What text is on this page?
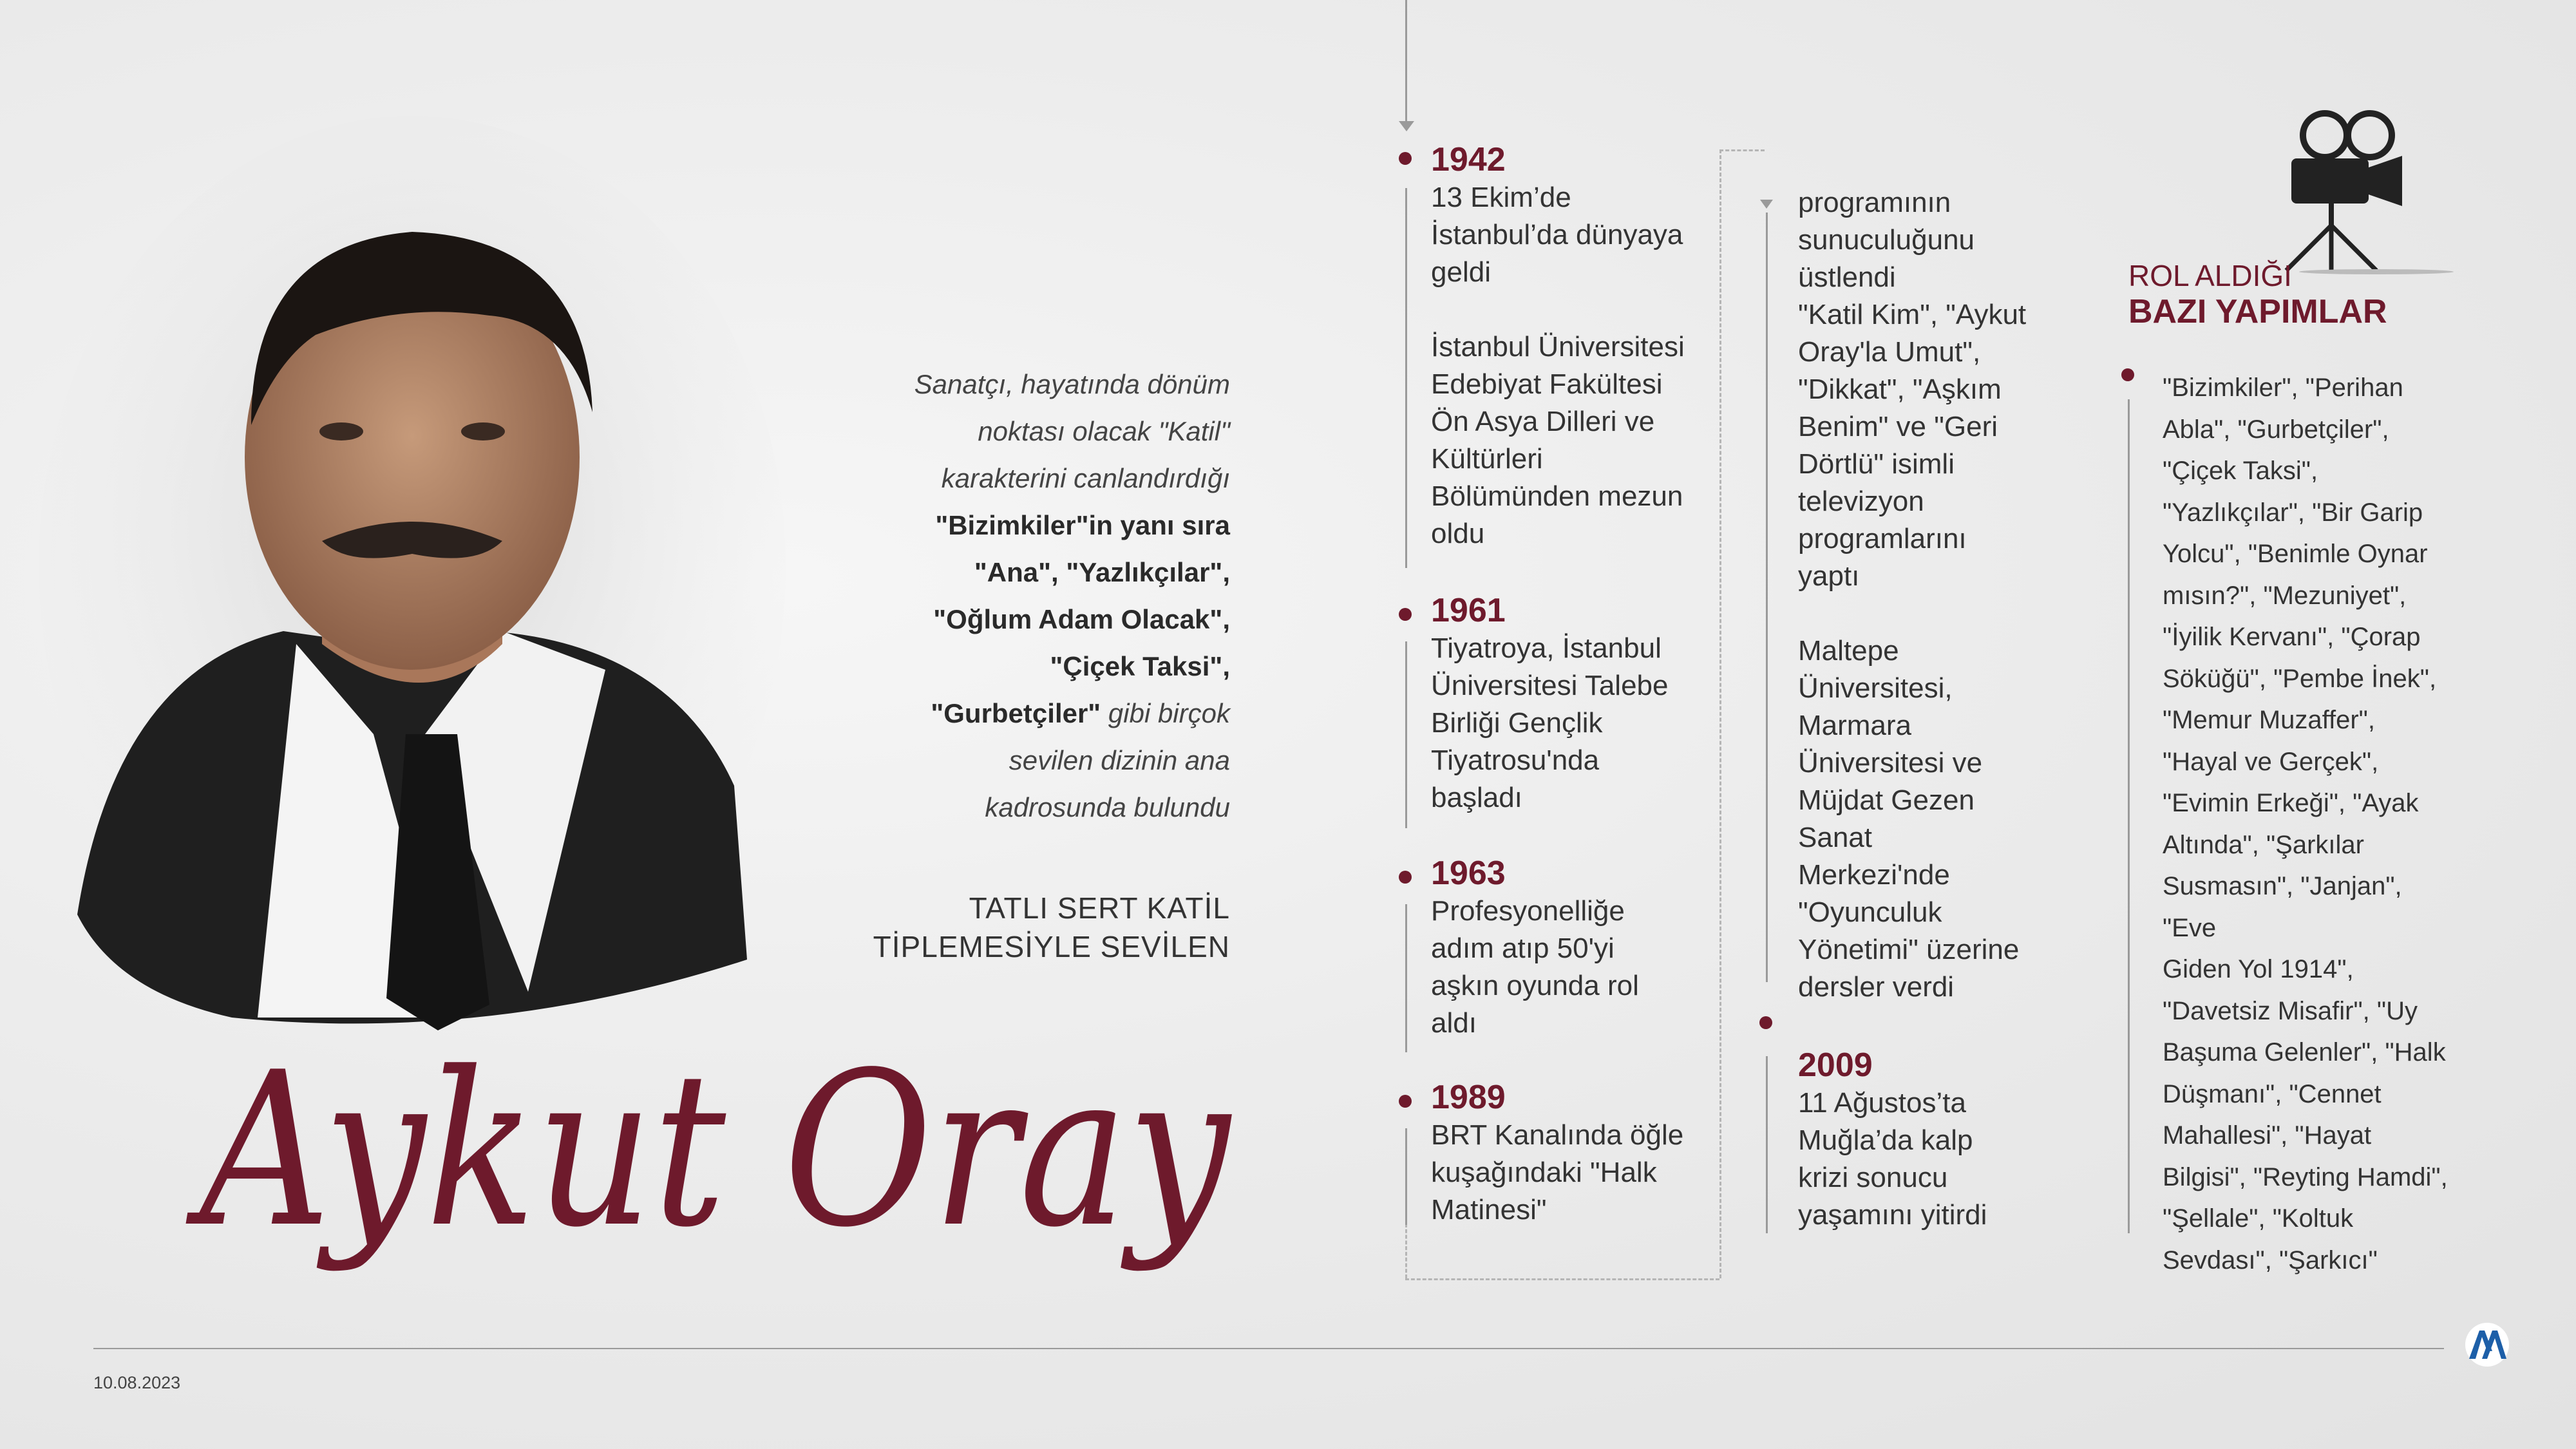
Sanatçı, hayatında dönüm
noktası olacak "Katil"
karakterini canlandırdığı
"Bizimkiler"in yanı sıra
"Ana", "Yazlıkçılar",
"Oğlum Adam Olacak",
"Çiçek Taksi",
"Gurbetçiler" gibi birçok
sevilen dizinin ana
kadrosunda bulundu
TATLI SERT KATİL
TİPLEMESİYLE SEVİLEN
Aykut Oray
1942
13 Ekim’de
İstanbul’da dünyaya
geldi
İstanbul Üniversitesi
Edebiyat Fakültesi
Ön Asya Dilleri ve
Kültürleri
Bölümünden mezun
oldu
1961
Tiyatroya, İstanbul
Üniversitesi Talebe
Birliği Gençlik
Tiyatrosu'nda
başladı
1963
Profesyonelliğe
adım atıp 50'yi
aşkın oyunda rol
aldı
1989
BRT Kanalında öğle
kuşağındaki "Halk
Matinesi"
programının
sunuculuğunu
üstlendi
"Katil Kim", "Aykut
Oray'la Umut",
"Dikkat", "Aşkım
Benim" ve "Geri
Dörtlü" isimli
televizyon
programlarını
yaptı
Maltepe
Üniversitesi,
Marmara
Üniversitesi ve
Müjdat Gezen
Sanat
Merkezi'nde
"Oyunculuk
Yönetimi" üzerine
dersler verdi
2009
11 Ağustos’ta
Muğla’da kalp
krizi sonucu
yaşamını yitirdi
ROL ALDIĞI
BAZI YAPIMLAR
"Bizimkiler", "Perihan
Abla", "Gurbetçiler",
"Çiçek Taksi",
"Yazlıkçılar", "Bir Garip
Yolcu", "Benimle Oynar
mısın?", "Mezuniyet",
"İyilik Kervanı", "Çorap
Söküğü", "Pembe İnek",
"Memur Muzaffer",
"Hayal ve Gerçek",
"Evimin Erkeği", "Ayak
Altında", "Şarkılar
Susmasın", "Janjan", "Eve
Giden Yol 1914",
"Davetsiz Misafir", "Uy
Başuma Gelenler", "Halk
Düşmanı", "Cennet
Mahallesi", "Hayat
Bilgisi", "Reyting Hamdi",
"Şellale", "Koltuk
Sevdası", "Şarkıcı"
10.08.2023
